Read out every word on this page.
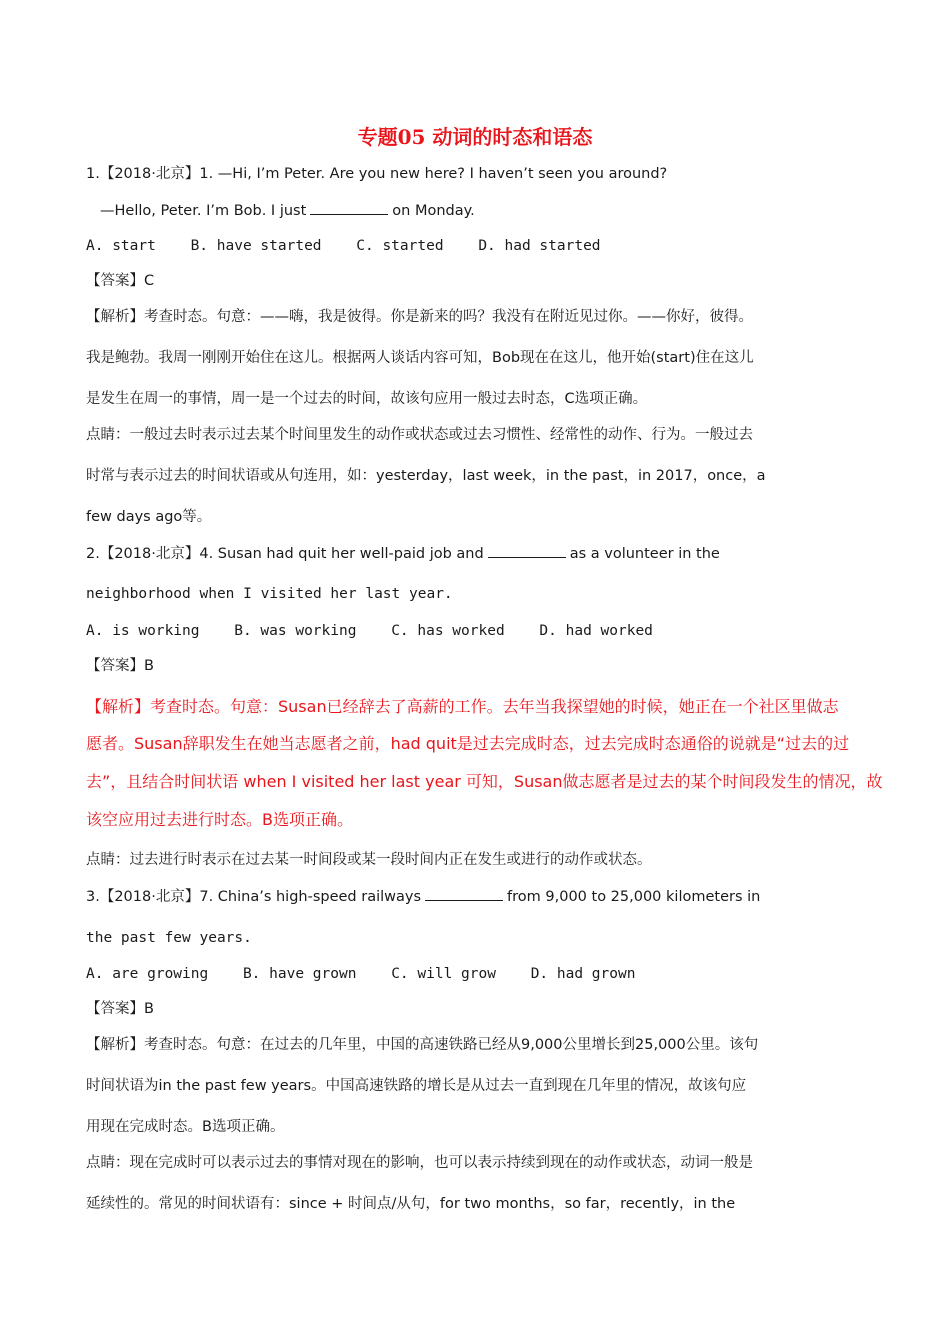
专题05 动词的时态和语态
1.【2018·北京】1. —Hi, I’m Peter. Are you new here? I haven’t seen you around?
—Hello, Peter. I’m Bob. I just	on Monday.
A. start B. have started C. started D. had started
【答案】C
【解析】考查时态。句意：——嗨，我是彼得。你是新来的吗？我没有在附近见过你。——你好，彼得。
我是鲍勃。我周一刚刚开始住在这儿。根据两人谈话内容可知，Bob现在在这儿，他开始(start)住在这儿
是发生在周一的事情，周一是一个过去的时间，故该句应用一般过去时态，C选项正确。
点睛：一般过去时表示过去某个时间里发生的动作或状态或过去习惯性、经常性的动作、行为。一般过去
时常与表示过去的时间状语或从句连用，如：yesterday，last week，in the past，in 2017，once，a
few days ago等。
2.【2018·北京】4. Susan had quit her well-paid job and	as a volunteer in the
neighborhood when I visited her last year.
A. is working B. was working C. has worked D. had worked
【答案】B
【解析】考查时态。句意：Susan已经辞去了高薪的工作。去年当我探望她的时候，她正在一个社区里做志
愿者。Susan辞职发生在她当志愿者之前，had quit是过去完成时态，过去完成时态通俗的说就是“过去的过
去”，且结合时间状语 when I visited her last year 可知，Susan做志愿者是过去的某个时间段发生的情况，故
该空应用过去进行时态。B选项正确。
点睛：过去进行时表示在过去某一时间段或某一段时间内正在发生或进行的动作或状态。
3.【2018·北京】7. China’s high-speed railways	from 9,000 to 25,000 kilometers in
the past few years.
A. are growing B. have grown C. will grow D. had grown
【答案】B
【解析】考查时态。句意：在过去的几年里，中国的高速铁路已经从9,000公里增长到25,000公里。该句
时间状语为in the past few years。中国高速铁路的增长是从过去一直到现在几年里的情况，故该句应
用现在完成时态。B选项正确。
点睛：现在完成时可以表示过去的事情对现在的影响，也可以表示持续到现在的动作或状态，动词一般是
延续性的。常见的时间状语有：since + 时间点/从句，for two months，so far，recently，in the
